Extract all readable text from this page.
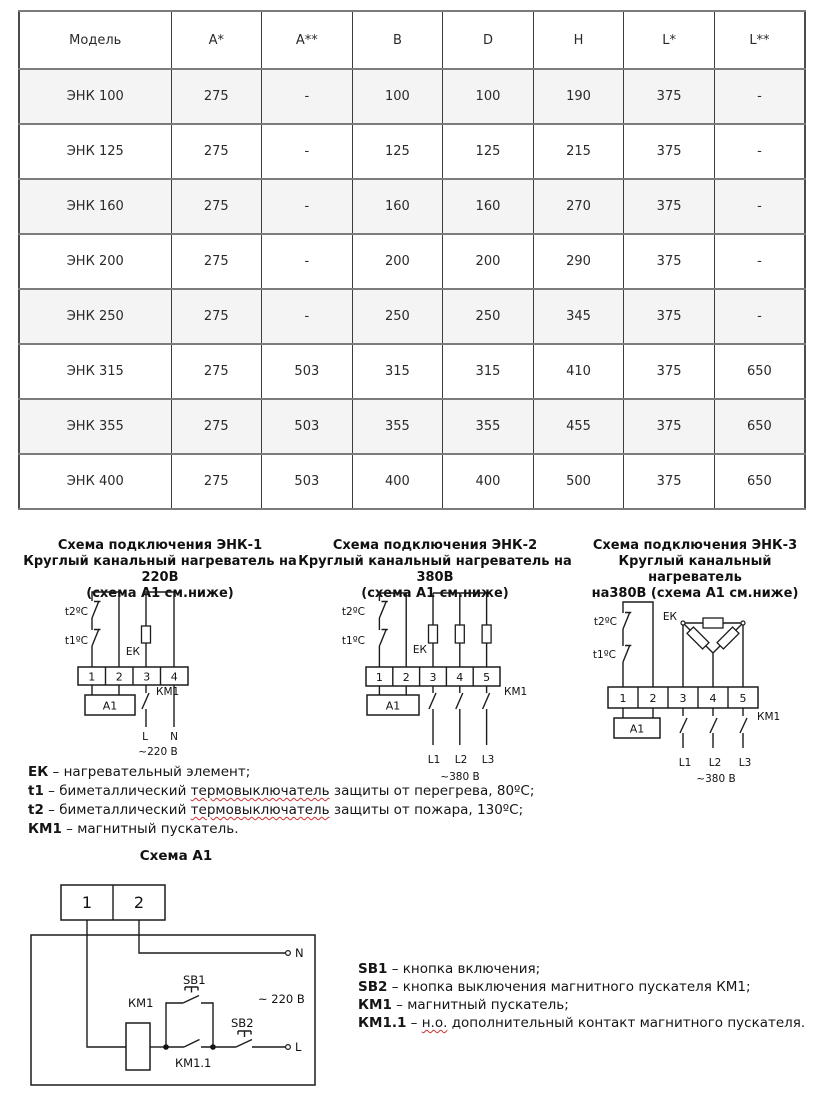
Модель	A*	A**	B	D	H	L*	L**
ЭНК 100	275	-	100	100	190	375	-
ЭНК 125	275	-	125	125	215	375	-
ЭНК 160	275	-	160	160	270	375	-
ЭНК 200	275	-	200	200	290	375	-
ЭНК 250	275	-	250	250	345	375	-
ЭНК 315	275	503	315	315	410	375	650
ЭНК 355	275	503	355	355	455	375	650
ЭНК 400	275	503	400	400	500	375	650
Схема подключения ЭНК-1
Круглый канальный нагреватель на 220В
(схема А1 см.ниже)
Схема подключения ЭНК-2
Круглый канальный нагреватель на 380В
(схема А1 см.ниже)
Схема подключения ЭНК-3
Круглый канальный нагреватель
на380В (схема А1 см.ниже)
t2ºC
t1ºC
ЕК
1 2 3 4
А1
КМ1
L N
~220 В
t2ºC
t1ºC
ЕК
1 2 3 4 5
А1
КМ1
L1 L2 L3
~380 В
t2ºC
t1ºC
ЕК
1 2 3 4 5
А1
КМ1
L1 L2 L3
~380 В
ЕК – нагревательный элемент;
t1 – биметаллический термовыключатель защиты от перегрева, 80ºС;
t2 – биметаллический термовыключатель защиты от пожара, 130ºС;
КМ1 – магнитный пускатель.
Схема А1
1	2
КМ1
SB1
SB2
КМ1.1
N
L
~ 220 В
SB1 – кнопка включения;
SB2 – кнопка выключения магнитного пускателя КМ1;
КМ1 – магнитный пускатель;
КМ1.1 – н.о. дополнительный контакт магнитного пускателя.
